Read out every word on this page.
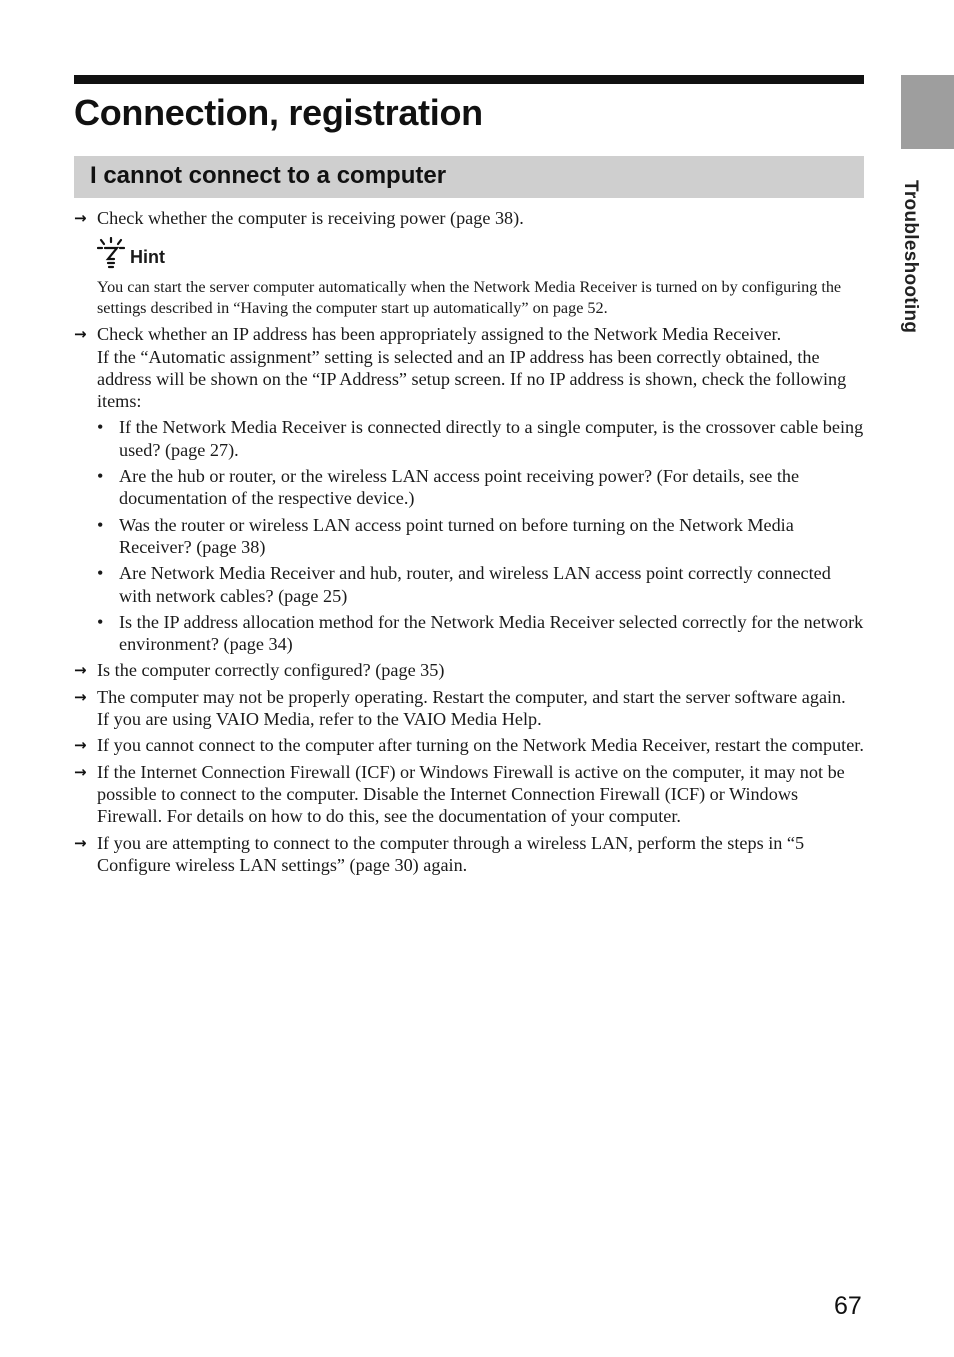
Connection, registration
I cannot connect to a computer
Troubleshooting
→ Check whether the computer is receiving power (page 38).
Hint
You can start the server computer automatically when the Network Media Receiver is turned on by configuring the settings described in “Having the computer start up automatically” on page 52.
→ Check whether an IP address has been appropriately assigned to the Network Media Receiver.
If the “Automatic assignment” setting is selected and an IP address has been correctly obtained, the address will be shown on the “IP Address” setup screen. If no IP address is shown, check the following items:
• If the Network Media Receiver is connected directly to a single computer, is the crossover cable being used? (page 27).
• Are the hub or router, or the wireless LAN access point receiving power? (For details, see the documentation of the respective device.)
• Was the router or wireless LAN access point turned on before turning on the Network Media Receiver? (page 38)
• Are Network Media Receiver and hub, router, and wireless LAN access point correctly connected with network cables? (page 25)
• Is the IP address allocation method for the Network Media Receiver selected correctly for the network environment? (page 34)
→ Is the computer correctly configured? (page 35)
→ The computer may not be properly operating. Restart the computer, and start the server software again.
If you are using VAIO Media, refer to the VAIO Media Help.
→ If you cannot connect to the computer after turning on the Network Media Receiver, restart the computer.
→ If the Internet Connection Firewall (ICF) or Windows Firewall is active on the computer, it may not be possible to connect to the computer. Disable the Internet Connection Firewall (ICF) or Windows Firewall. For details on how to do this, see the documentation of your computer.
→ If you are attempting to connect to the computer through a wireless LAN, perform the steps in “5 Configure wireless LAN settings” (page 30) again.
67
